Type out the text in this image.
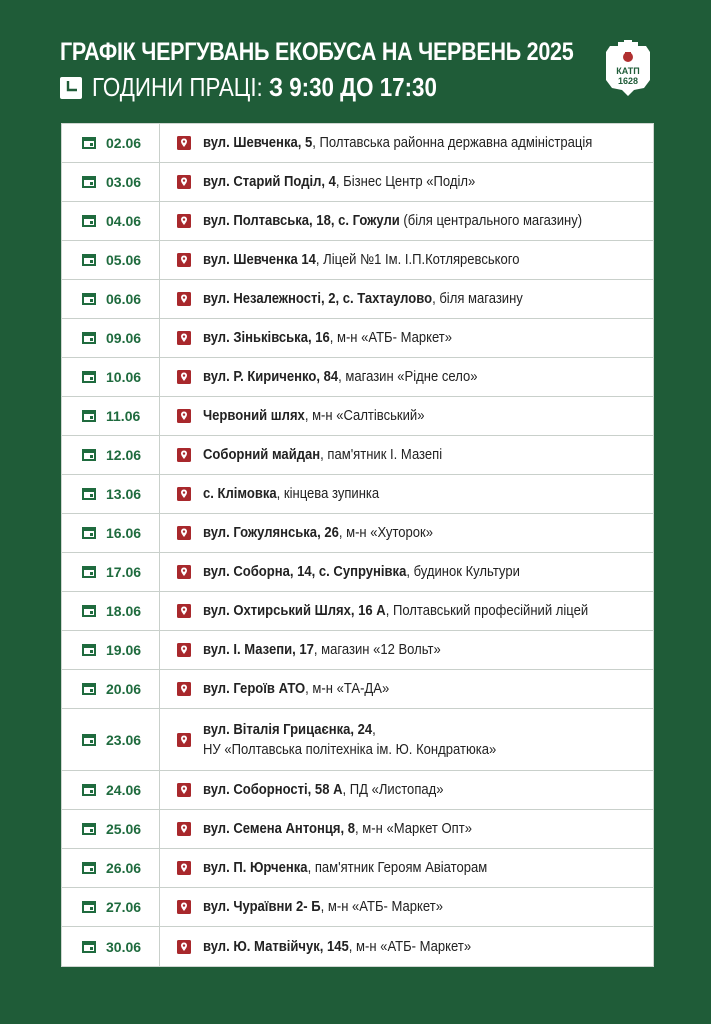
ГРАФІК ЧЕРГУВАНЬ ЕКОБУСА НА ЧЕРВЕНЬ 2025
ГОДИНИ ПРАЦІ: З 9:30 ДО 17:30
КАТП
1628
02.06	вул. Шевченка, 5, Полтавська районна державна адміністрація
03.06	вул. Старий Поділ, 4, Бізнес Центр «Поділ»
04.06	вул. Полтавська, 18, с. Гожули (біля центрального магазину)
05.06	вул. Шевченка 14, Ліцей №1 Ім. І.П.Котляревського
06.06	вул. Незалежності, 2, с. Тахтаулово, біля магазину
09.06	вул. Зіньківська, 16, м-н «АТБ- Маркет»
10.06	вул. Р. Кириченко, 84, магазин «Рідне село»
11.06	Червоний шлях, м-н «Салтівський»
12.06	Соборний майдан, пам'ятник І. Мазепі
13.06	с. Клімовка, кінцева зупинка
16.06	вул. Гожулянська, 26, м-н «Хуторок»
17.06	вул. Соборна, 14, с. Супрунівка, будинок Культури
18.06	вул. Охтирський Шлях, 16 А, Полтавський професійний ліцей
19.06	вул. І. Мазепи, 17, магазин «12 Вольт»
20.06	вул. Героїв АТО, м-н «ТА-ДА»
23.06
вул. Віталія Грицаєнка, 24,
НУ «Полтавська політехніка ім. Ю. Кондратюка»
24.06	вул. Соборності, 58 А, ПД «Листопад»
25.06	вул. Семена Антонця, 8, м-н «Маркет Опт»
26.06	вул. П. Юрченка, пам'ятник Героям Авіаторам
27.06	вул. Чураївни 2- Б, м-н «АТБ- Маркет»
30.06	вул. Ю. Матвійчук, 145, м-н «АТБ- Маркет»
